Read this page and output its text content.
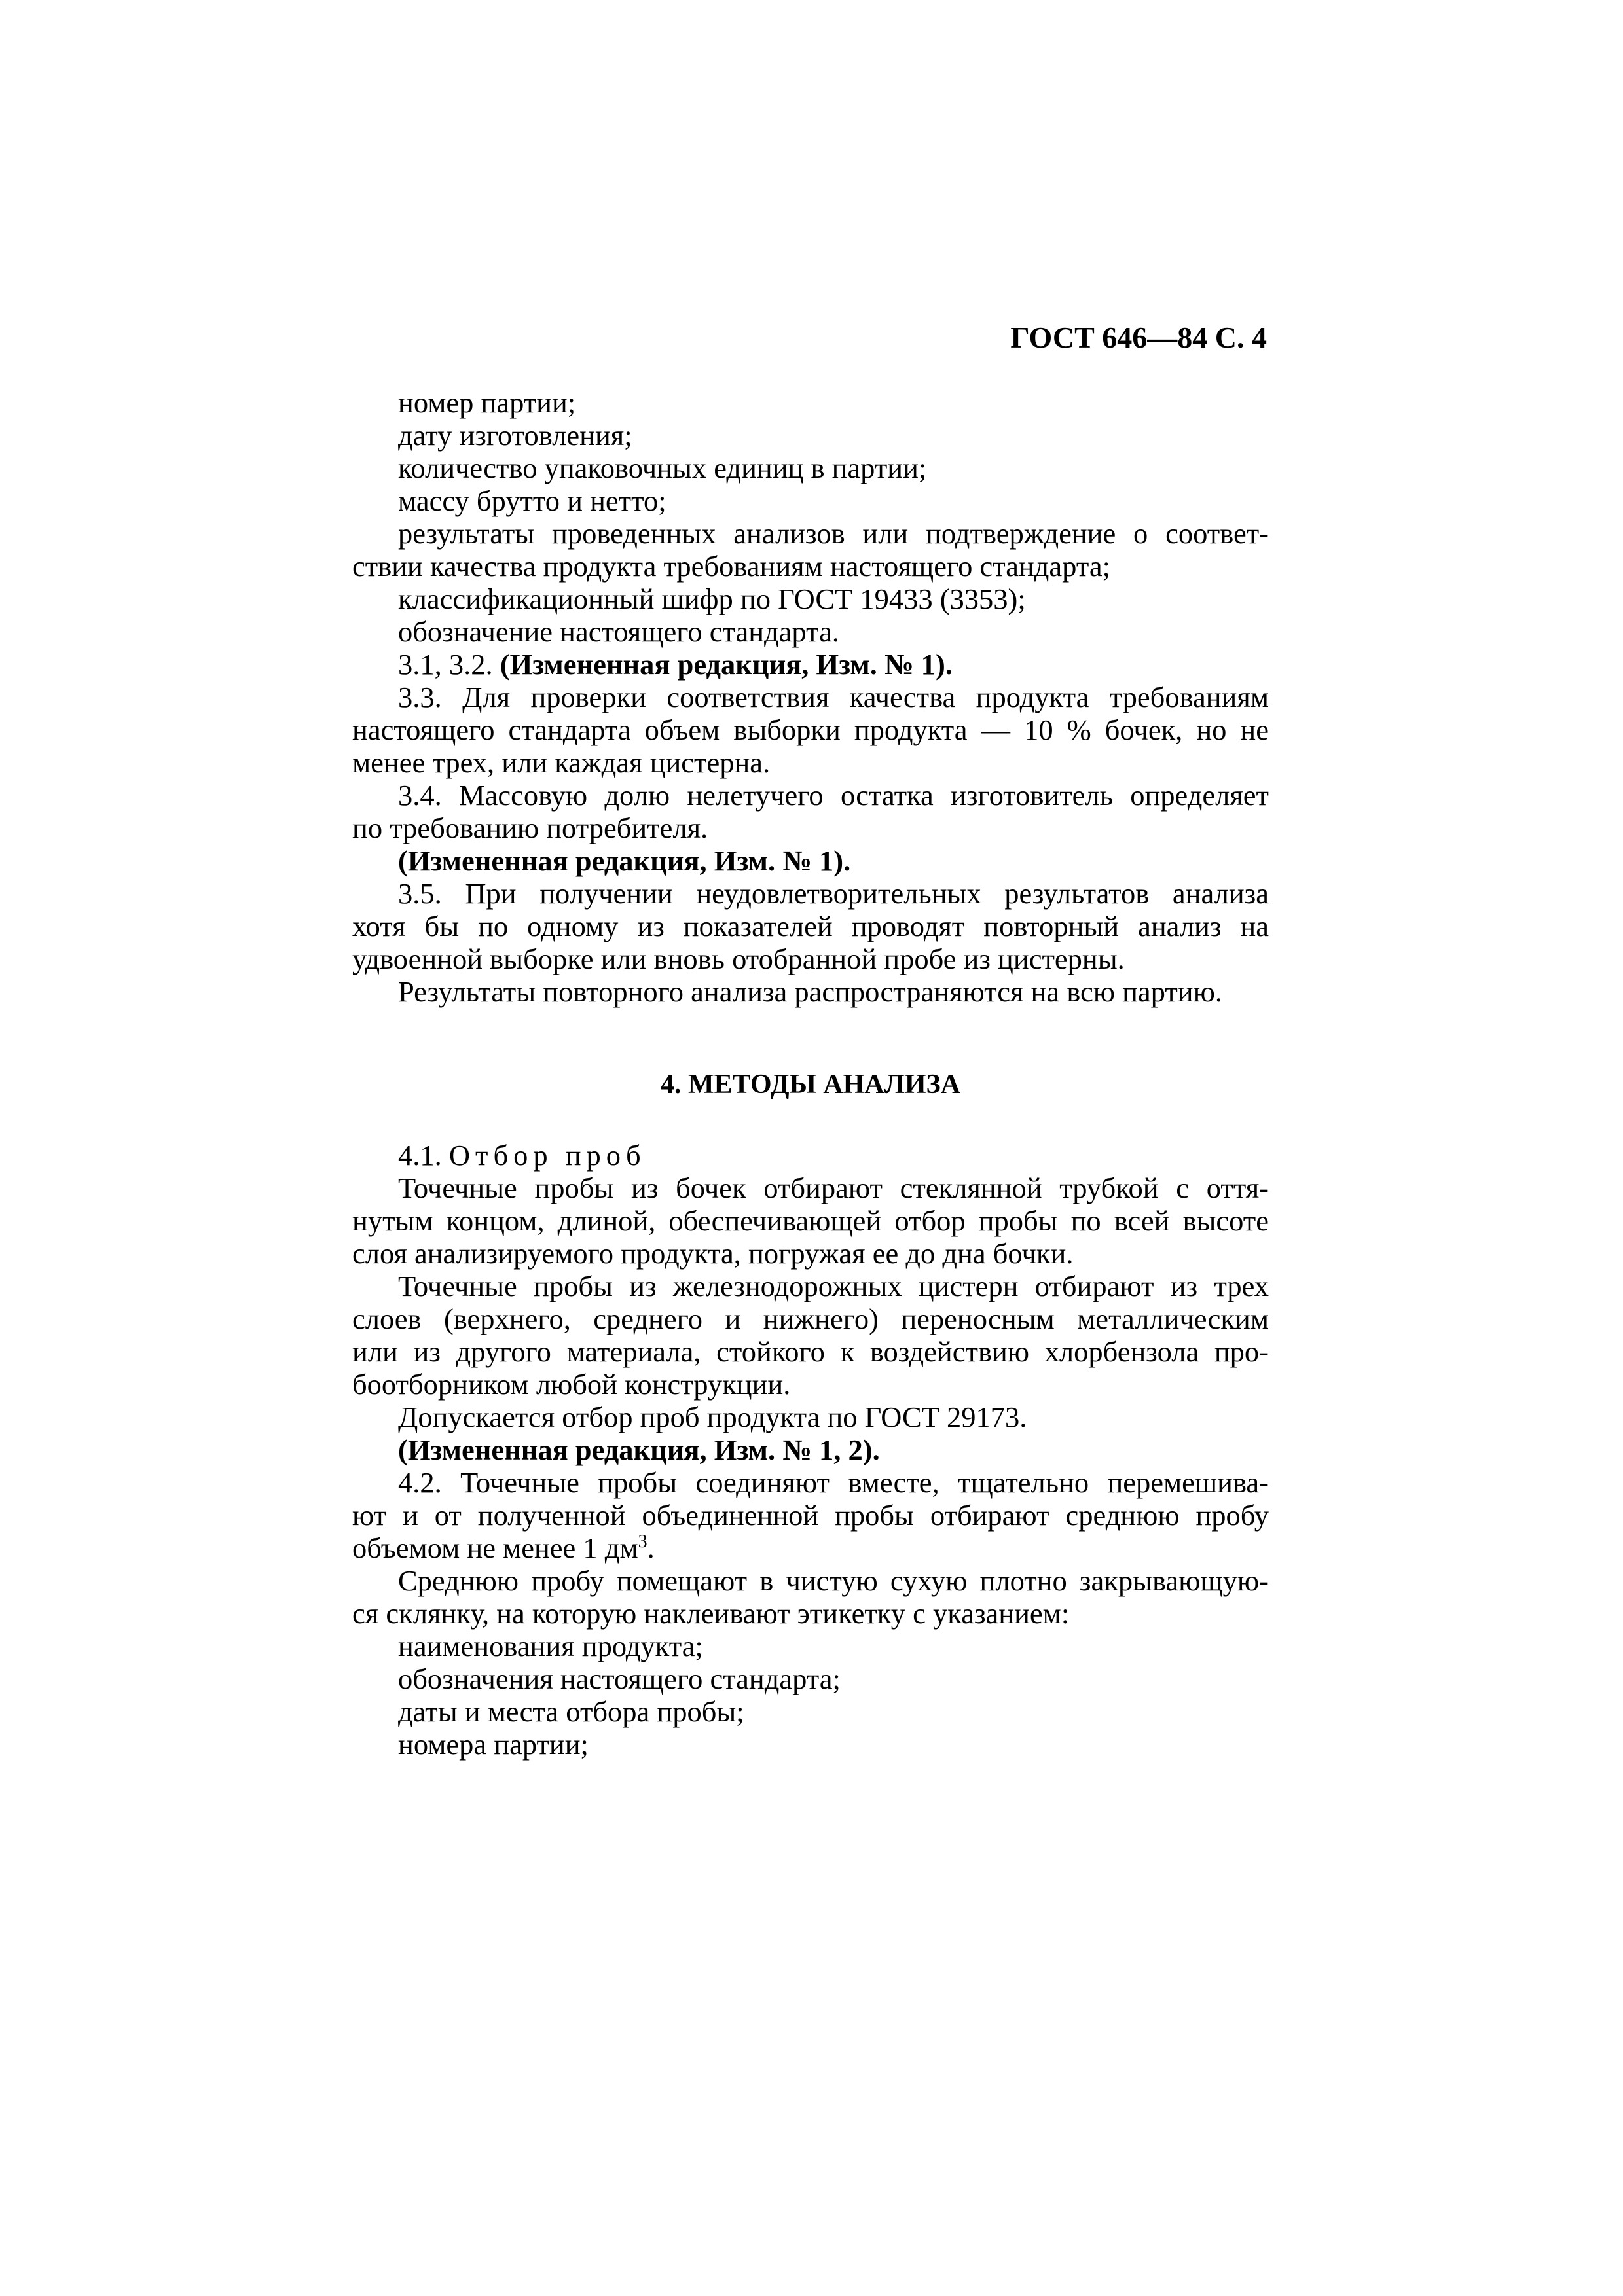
ГОСТ 646—84 С. 4
номер партии;
дату изготовления;
количество упаковочных единиц в партии;
массу брутто и нетто;
результаты проведенных анализов или подтверждение о соответ-
ствии качества продукта требованиям настоящего стандарта;
классификационный шифр по ГОСТ 19433 (3353);
обозначение настоящего стандарта.
3.1, 3.2. (Измененная редакция, Изм. № 1).
3.3. Для проверки соответствия качества продукта требованиям
настоящего стандарта объем выборки продукта — 10 % бочек, но не
менее трех, или каждая цистерна.
3.4. Массовую долю нелетучего остатка изготовитель определяет
по требованию потребителя.
(Измененная редакция, Изм. № 1).
3.5. При получении неудовлетворительных результатов анализа
хотя бы по одному из показателей проводят повторный анализ на
удвоенной выборке или вновь отобранной пробе из цистерны.
Результаты повторного анализа распространяются на всю партию.
4. МЕТОДЫ АНАЛИЗА
4.1. Отбор проб
Точечные пробы из бочек отбирают стеклянной трубкой с оття-
нутым концом, длиной, обеспечивающей отбор пробы по всей высоте
слоя анализируемого продукта, погружая ее до дна бочки.
Точечные пробы из железнодорожных цистерн отбирают из трех
слоев (верхнего, среднего и нижнего) переносным металлическим
или из другого материала, стойкого к воздействию хлорбензола про-
боотборником любой конструкции.
Допускается отбор проб продукта по ГОСТ 29173.
(Измененная редакция, Изм. № 1, 2).
4.2. Точечные пробы соединяют вместе, тщательно перемешива-
ют и от полученной объединенной пробы отбирают среднюю пробу
объемом не менее 1 $дм^3$.
Среднюю пробу помещают в чистую сухую плотно закрывающую-
ся склянку, на которую наклеивают этикетку с указанием:
наименования продукта;
обозначения настоящего стандарта;
даты и места отбора пробы;
номера партии;
